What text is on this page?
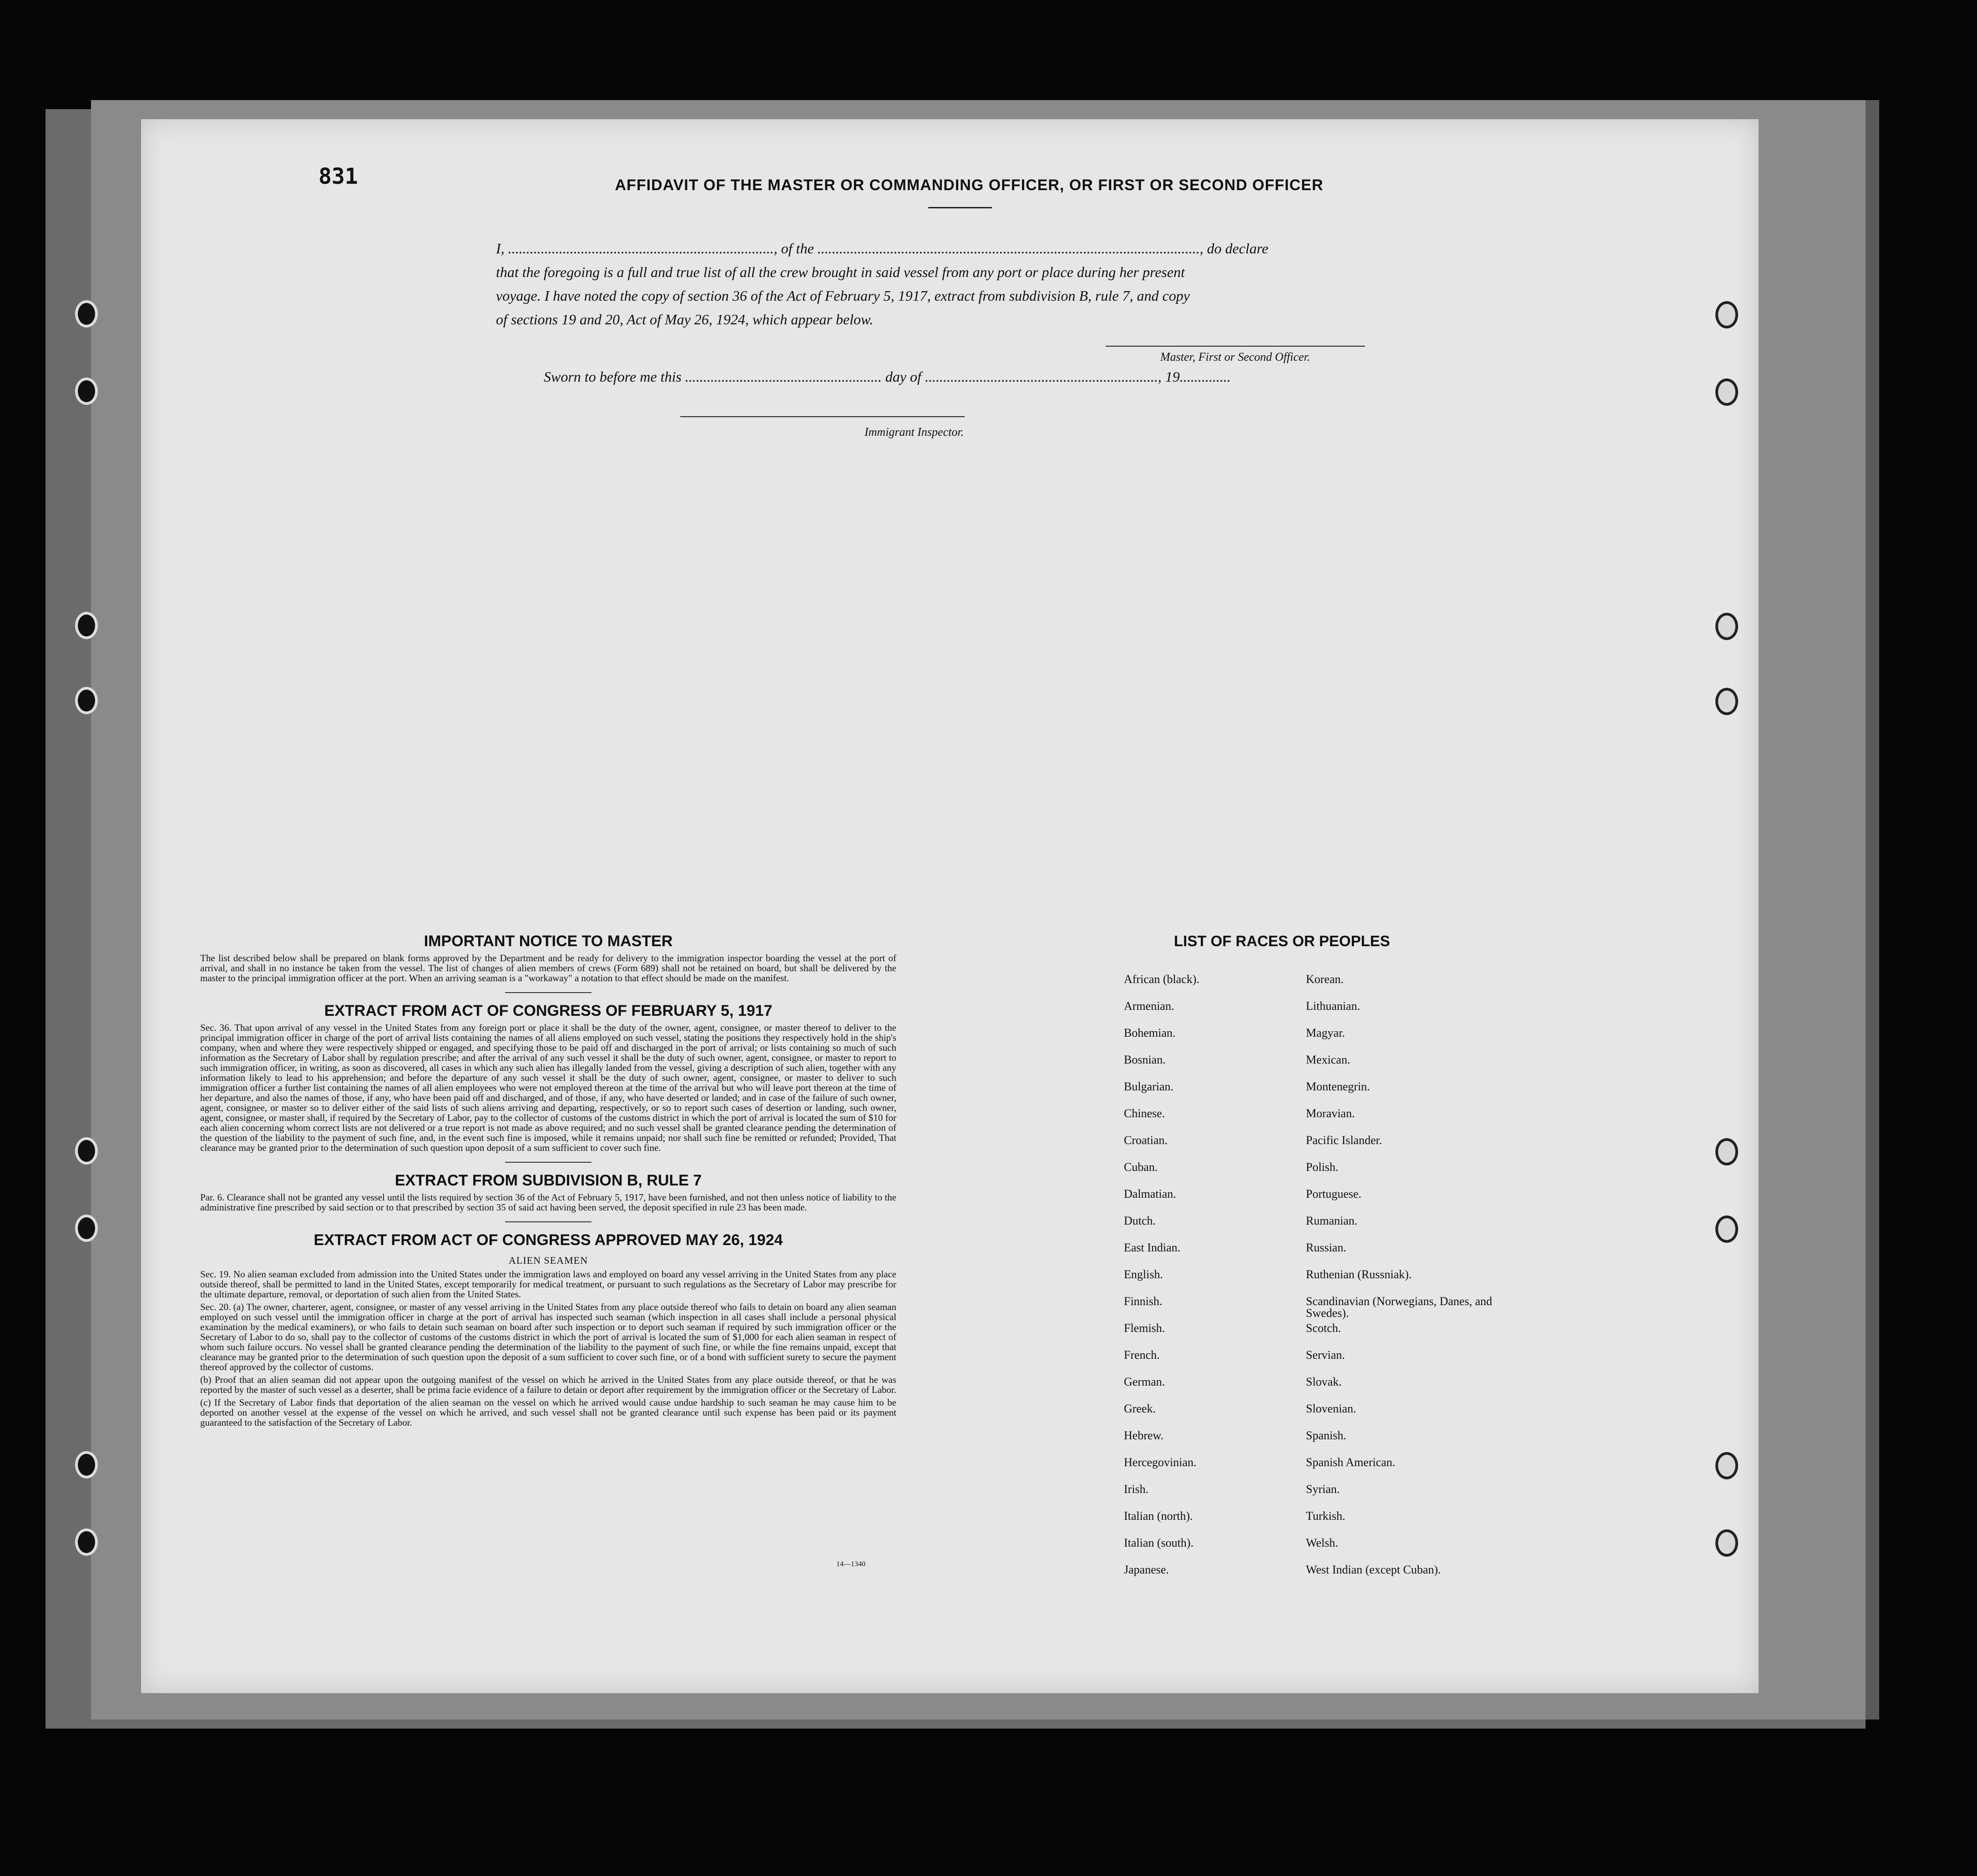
831	AFFIDAVIT OF THE MASTER OR COMMANDING OFFICER, OR FIRST OR SECOND OFFICER
I, ........................................................................., of the ........................................................................................................., do declare
that the foregoing is a full and true list of all the crew brought in said vessel from any port or place during her present
voyage. I have noted the copy of section 36 of the Act of February 5, 1917, extract from subdivision B, rule 7, and copy
of sections 19 and 20, Act of May 26, 1924, which appear below.
Master, First or Second Officer.
Sworn to before me this ...................................................... day of ................................................................, 19..............
Immigrant Inspector.
IMPORTANT NOTICE TO MASTER

The list described below shall be prepared on blank forms approved by the Department and be ready for delivery to the immigration inspector boarding the vessel at the port of arrival, and shall in no instance be taken from the vessel. The list of changes of alien members of crews (Form 689) shall not be retained on board, but shall be delivered by the master to the principal immigration officer at the port. When an arriving seaman is a "workaway" a notation to that effect should be made on the manifest.

EXTRACT FROM ACT OF CONGRESS OF FEBRUARY 5, 1917

Sec. 36. That upon arrival of any vessel in the United States from any foreign port or place it shall be the duty of the owner, agent, consignee, or master thereof to deliver to the principal immigration officer in charge of the port of arrival lists containing the names of all aliens employed on such vessel, stating the positions they respectively hold in the ship's company, when and where they were respectively shipped or engaged, and specifying those to be paid off and discharged in the port of arrival; or lists containing so much of such information as the Secretary of Labor shall by regulation prescribe; and after the arrival of any such vessel it shall be the duty of such owner, agent, consignee, or master to report to such immigration officer, in writing, as soon as discovered, all cases in which any such alien has illegally landed from the vessel, giving a description of such alien, together with any information likely to lead to his apprehension; and before the departure of any such vessel it shall be the duty of such owner, agent, consignee, or master to deliver to such immigration officer a further list containing the names of all alien employees who were not employed thereon at the time of the arrival but who will leave port thereon at the time of her departure, and also the names of those, if any, who have been paid off and discharged, and of those, if any, who have deserted or landed; and in case of the failure of such owner, agent, consignee, or master so to deliver either of the said lists of such aliens arriving and departing, respectively, or so to report such cases of desertion or landing, such owner, agent, consignee, or master shall, if required by the Secretary of Labor, pay to the collector of customs of the customs district in which the port of arrival is located the sum of $10 for each alien concerning whom correct lists are not delivered or a true report is not made as above required; and no such vessel shall be granted clearance pending the determination of the question of the liability to the payment of such fine, and, in the event such fine is imposed, while it remains unpaid; nor shall such fine be remitted or refunded; Provided, That clearance may be granted prior to the determination of such question upon deposit of a sum sufficient to cover such fine.

EXTRACT FROM SUBDIVISION B, RULE 7

Par. 6. Clearance shall not be granted any vessel until the lists required by section 36 of the Act of February 5, 1917, have been furnished, and not then unless notice of liability to the administrative fine prescribed by said section or to that prescribed by section 35 of said act having been served, the deposit specified in rule 23 has been made.

EXTRACT FROM ACT OF CONGRESS APPROVED MAY 26, 1924
ALIEN SEAMEN

Sec. 19. No alien seaman excluded from admission into the United States under the immigration laws and employed on board any vessel arriving in the United States from any place outside thereof, shall be permitted to land in the United States, except temporarily for medical treatment, or pursuant to such regulations as the Secretary of Labor may prescribe for the ultimate departure, removal, or deportation of such alien from the United States.

Sec. 20. (a) The owner, charterer, agent, consignee, or master of any vessel arriving in the United States from any place outside thereof who fails to detain on board any alien seaman employed on such vessel until the immigration officer in charge at the port of arrival has inspected such seaman (which inspection in all cases shall include a personal physical examination by the medical examiners), or who fails to detain such seaman on board after such inspection or to deport such seaman if required by such immigration officer or the Secretary of Labor to do so, shall pay to the collector of customs of the customs district in which the port of arrival is located the sum of $1,000 for each alien seaman in respect of whom such failure occurs. No vessel shall be granted clearance pending the determination of the liability to the payment of such fine, or while the fine remains unpaid, except that clearance may be granted prior to the determination of such question upon the deposit of a sum sufficient to cover such fine, or of a bond with sufficient surety to secure the payment thereof approved by the collector of customs.

(b) Proof that an alien seaman did not appear upon the outgoing manifest of the vessel on which he arrived in the United States from any place outside thereof, or that he was reported by the master of such vessel as a deserter, shall be prima facie evidence of a failure to detain or deport after requirement by the immigration officer or the Secretary of Labor.

(c) If the Secretary of Labor finds that deportation of the alien seaman on the vessel on which he arrived would cause undue hardship to such seaman he may cause him to be deported on another vessel at the expense of the vessel on which he arrived, and such vessel shall not be granted clearance until such expense has been paid or its payment guaranteed to the satisfaction of the Secretary of Labor.

14—1340
LIST OF RACES OR PEOPLES
African (black).	Korean.
Armenian.	Lithuanian.
Bohemian.	Magyar.
Bosnian.	Mexican.
Bulgarian.	Montenegrin.
Chinese.	Moravian.
Croatian.	Pacific Islander.
Cuban.	Polish.
Dalmatian.	Portuguese.
Dutch.	Rumanian.
East Indian.	Russian.
English.	Ruthenian (Russniak).
Finnish.	Scandinavian (Norwegians, Danes, and Swedes).
Flemish.	Scotch.
French.	Servian.
German.	Slovak.
Greek.	Slovenian.
Hebrew.	Spanish.
Hercegovinian.	Spanish American.
Irish.	Syrian.
Italian (north).	Turkish.
Italian (south).	Welsh.
Japanese.	West Indian (except Cuban).
